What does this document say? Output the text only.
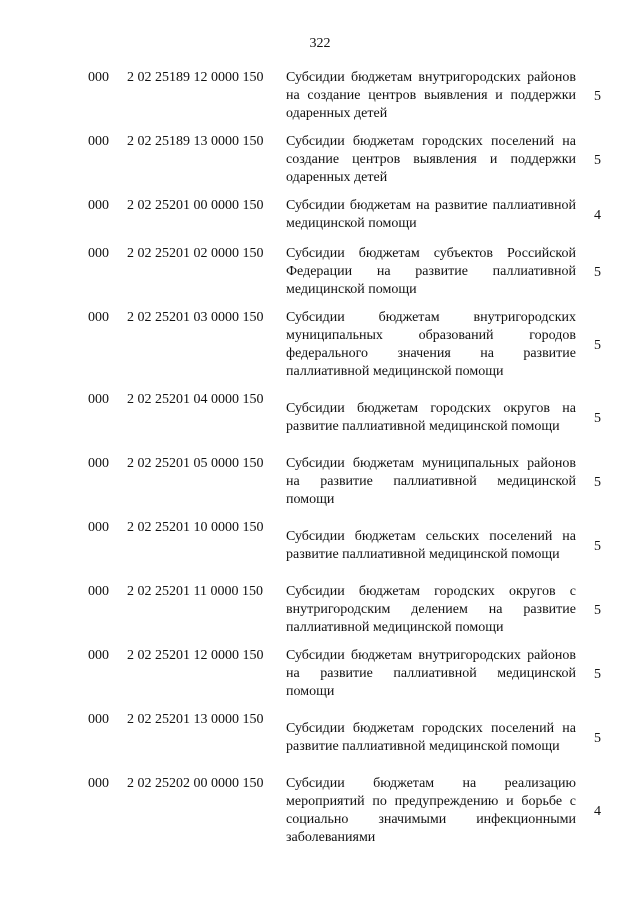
322
000 2 02 25189 12 0000 150 Субсидии бюджетам внутригородских районов на создание центров выявления и поддержки одаренных детей
5
000 2 02 25189 13 0000 150 Субсидии бюджетам городских поселений на создание центров выявления и поддержки одаренных детей
5
000 2 02 25201 00 0000 150 Субсидии бюджетам на развитие паллиативной медицинской помощи
4
000 2 02 25201 02 0000 150 Субсидии бюджетам субъектов Российской Федерации на развитие паллиативной медицинской помощи
5
000 2 02 25201 03 0000 150 Субсидии бюджетам внутригородских муниципальных образований городов федерального значения на развитие паллиативной медицинской помощи
5
000 2 02 25201 04 0000 150
Субсидии бюджетам городских округов на развитие паллиативной медицинской помощи
5
000 2 02 25201 05 0000 150 Субсидии бюджетам муниципальных районов на развитие паллиативной медицинской помощи
5
000 2 02 25201 10 0000 150
Субсидии бюджетам сельских поселений на развитие паллиативной медицинской помощи
5
000 2 02 25201 11 0000 150 Субсидии бюджетам городских округов с внутригородским делением на развитие паллиативной медицинской помощи
5
000 2 02 25201 12 0000 150 Субсидии бюджетам внутригородских районов на развитие паллиативной медицинской помощи
5
000 2 02 25201 13 0000 150
Субсидии бюджетам городских поселений на развитие паллиативной медицинской помощи
5
000 2 02 25202 00 0000 150 Субсидии бюджетам на реализацию мероприятий по предупреждению и борьбе с социально значимыми инфекционными заболеваниями
4
